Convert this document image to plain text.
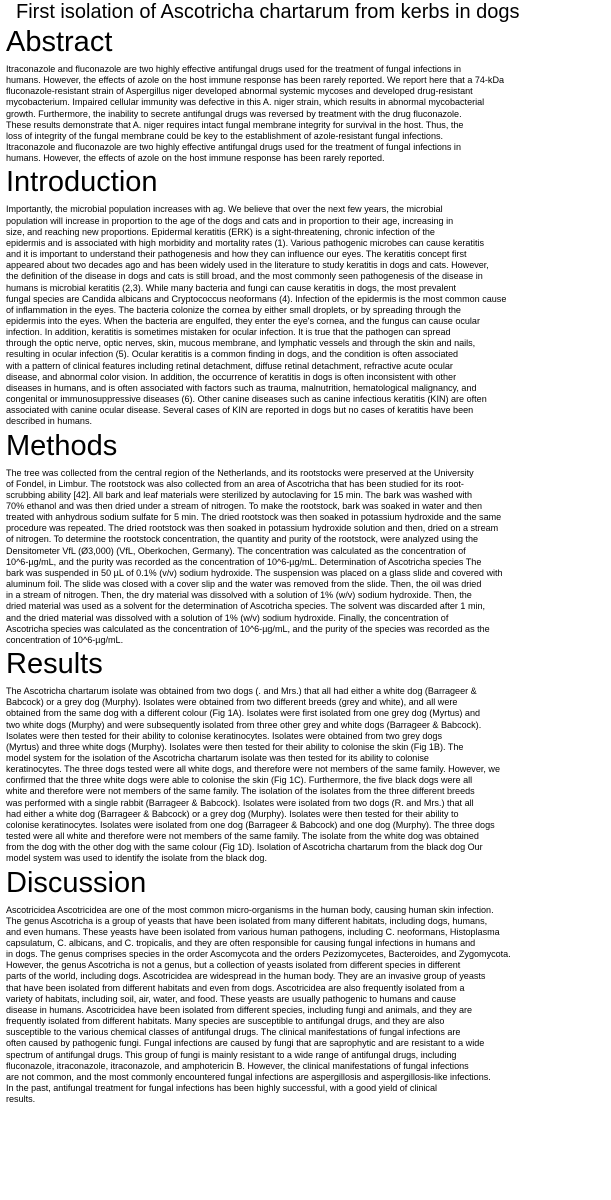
First isolation of Ascotricha chartarum from kerbs in dogs
Abstract

Itraconazole and fluconazole are two highly effective antifungal drugs used for the treatment of fungal infections in
humans. However, the effects of azole on the host immune response has been rarely reported. We report here that a 74-kDa
fluconazole-resistant strain of Aspergillus niger developed abnormal systemic mycoses and developed drug-resistant
mycobacterium. Impaired cellular immunity was defective in this A. niger strain, which results in abnormal mycobacterial
growth. Furthermore, the inability to secrete antifungal drugs was reversed by treatment with the drug fluconazole.
These results demonstrate that A. niger requires intact fungal membrane integrity for survival in the host. Thus, the
loss of integrity of the fungal membrane could be key to the establishment of azole-resistant fungal infections.
Itraconazole and fluconazole are two highly effective antifungal drugs used for the treatment of fungal infections in
humans. However, the effects of azole on the host immune response has been rarely reported.

Introduction

Importantly, the microbial population increases with ag. We believe that over the next few years, the microbial
population will increase in proportion to the age of the dogs and cats and in proportion to their age, increasing in
size, and reaching new proportions. Epidermal keratitis (ERK) is a sight-threatening, chronic infection of the
epidermis and is associated with high morbidity and mortality rates (1). Various pathogenic microbes can cause keratitis
and it is important to understand their pathogenesis and how they can influence our eyes. The keratitis concept first
appeared about two decades ago and has been widely used in the literature to study keratitis in dogs and cats. However,
the definition of the disease in dogs and cats is still broad, and the most commonly seen pathogenesis of the disease in
humans is microbial keratitis (2,3). While many bacteria and fungi can cause keratitis in dogs, the most prevalent
fungal species are Candida albicans and Cryptococcus neoformans (4). Infection of the epidermis is the most common cause
of inflammation in the eyes. The bacteria colonize the cornea by either small droplets, or by spreading through the
epidermis into the eyes. When the bacteria are engulfed, they enter the eye's cornea, and the fungus can cause ocular
infection. In addition, keratitis is sometimes mistaken for ocular infection. It is true that the pathogen can spread
through the optic nerve, optic nerves, skin, mucous membrane, and lymphatic vessels and through the skin and nails,
resulting in ocular infection (5). Ocular keratitis is a common finding in dogs, and the condition is often associated
with a pattern of clinical features including retinal detachment, diffuse retinal detachment, refractive acute ocular
disease, and abnormal color vision. In addition, the occurrence of keratitis in dogs is often inconsistent with other
diseases in humans, and is often associated with factors such as trauma, malnutrition, hematological malignancy, and
congenital or immunosuppressive diseases (6). Other canine diseases such as canine infectious keratitis (KIN) are often
associated with canine ocular disease. Several cases of KIN are reported in dogs but no cases of keratitis have been
described in humans.

Methods

The tree was collected from the central region of the Netherlands, and its rootstocks were preserved at the University
of Fondel, in Limbur. The rootstock was also collected from an area of Ascotricha that has been studied for its root-
scrubbing ability [42]. All bark and leaf materials were sterilized by autoclaving for 15 min. The bark was washed with
70% ethanol and was then dried under a stream of nitrogen. To make the rootstock, bark was soaked in water and then
treated with anhydrous sodium sulfate for 5 min. The dried rootstock was then soaked in potassium hydroxide and the same
procedure was repeated. The dried rootstock was then soaked in potassium hydroxide solution and then, dried on a stream
of nitrogen. To determine the rootstock concentration, the quantity and purity of the rootstock, were analyzed using the
Densitometer VfL (Ø3,000) (VfL, Oberkochen, Germany). The concentration was calculated as the concentration of
10^6-µg/mL, and the purity was recorded as the concentration of 10^6-µg/mL. Determination of Ascotricha species The
bark was suspended in 50 µL of 0.1% (v/v) sodium hydroxide. The suspension was placed on a glass slide and covered with
aluminum foil. The slide was closed with a cover slip and the water was removed from the slide. Then, the oil was dried
in a stream of nitrogen. Then, the dry material was dissolved with a solution of 1% (w/v) sodium hydroxide. Then, the
dried material was used as a solvent for the determination of Ascotricha species. The solvent was discarded after 1 min,
and the dried material was dissolved with a solution of 1% (w/v) sodium hydroxide. Finally, the concentration of
Ascotricha species was calculated as the concentration of 10^6-µg/mL, and the purity of the species was recorded as the
concentration of 10^6-µg/mL.

Results

The Ascotricha chartarum isolate was obtained from two dogs (. and Mrs.) that all had either a white dog (Barrageer &
Babcock) or a grey dog (Murphy). Isolates were obtained from two different breeds (grey and white), and all were
obtained from the same dog with a different colour (Fig 1A). Isolates were first isolated from one grey dog (Myrtus) and
two white dogs (Murphy) and were subsequently isolated from three other grey and white dogs (Barrageer & Babcock).
Isolates were then tested for their ability to colonise keratinocytes. Isolates were obtained from two grey dogs
(Myrtus) and three white dogs (Murphy). Isolates were then tested for their ability to colonise the skin (Fig 1B). The
model system for the isolation of the Ascotricha chartarum isolate was then tested for its ability to colonise
keratinocytes. The three dogs tested were all white dogs, and therefore were not members of the same family. However, we
confirmed that the three white dogs were able to colonise the skin (Fig 1C). Furthermore, the five black dogs were all
white and therefore were not members of the same family. The isolation of the isolates from the three different breeds
was performed with a single rabbit (Barrageer & Babcock). Isolates were isolated from two dogs (R. and Mrs.) that all
had either a white dog (Barrageer & Babcock) or a grey dog (Murphy). Isolates were then tested for their ability to
colonise keratinocytes. Isolates were isolated from one dog (Barrageer & Babcock) and one dog (Murphy). The three dogs
tested were all white and therefore were not members of the same family. The isolate from the white dog was obtained
from the dog with the other dog with the same colour (Fig 1D). Isolation of Ascotricha chartarum from the black dog Our
model system was used to identify the isolate from the black dog.

Discussion

Ascotricidea Ascotricidea are one of the most common micro-organisms in the human body, causing human skin infection.
The genus Ascotricha is a group of yeasts that have been isolated from many different habitats, including dogs, humans,
and even humans. These yeasts have been isolated from various human pathogens, including C. neoformans, Histoplasma
capsulatum, C. albicans, and C. tropicalis, and they are often responsible for causing fungal infections in humans and
in dogs. The genus comprises species in the order Ascomycota and the orders Pezizomycetes, Bacteroides, and Zygomycota.
However, the genus Ascotricha is not a genus, but a collection of yeasts isolated from different species in different
parts of the world, including dogs. Ascotricidea are widespread in the human body. They are an invasive group of yeasts
that have been isolated from different habitats and even from dogs. Ascotricidea are also frequently isolated from a
variety of habitats, including soil, air, water, and food. These yeasts are usually pathogenic to humans and cause
disease in humans. Ascotricidea have been isolated from different species, including fungi and animals, and they are
frequently isolated from different habitats. Many species are susceptible to antifungal drugs, and they are also
susceptible to the various chemical classes of antifungal drugs. The clinical manifestations of fungal infections are
often caused by pathogenic fungi. Fungal infections are caused by fungi that are saprophytic and are resistant to a wide
spectrum of antifungal drugs. This group of fungi is mainly resistant to a wide range of antifungal drugs, including
fluconazole, itraconazole, itraconazole, and amphotericin B. However, the clinical manifestations of fungal infections
are not common, and the most commonly encountered fungal infections are aspergillosis and aspergillosis-like infections.
In the past, antifungal treatment for fungal infections has been highly successful, with a good yield of clinical
results.
